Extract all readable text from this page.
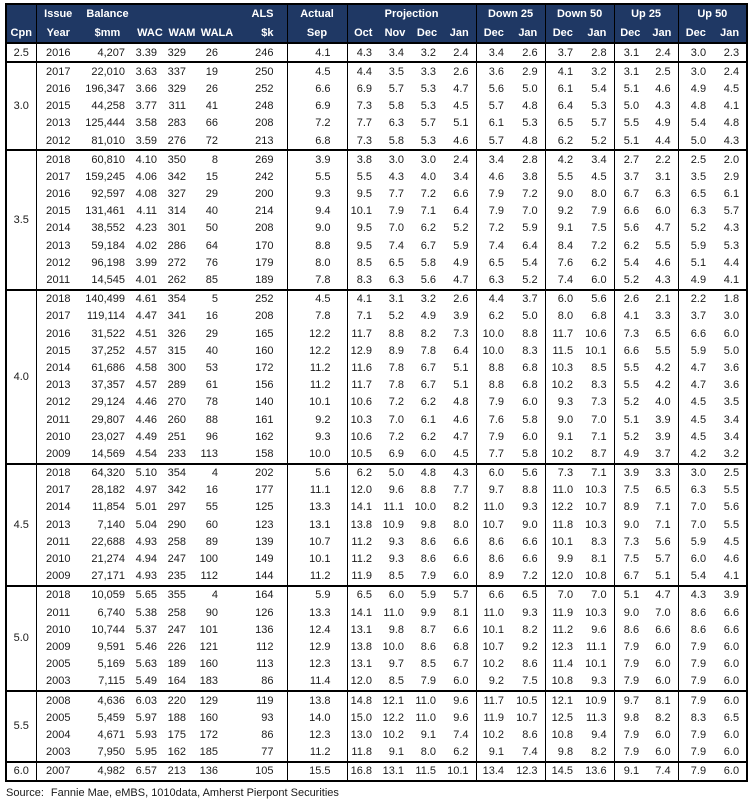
	Issue	Balance				ALS	Actual	Projection				Down 25		Down 50		Up 25		Up 50	
Cpn	Year	$mm	WAC	WAM	WALA	$k	Sep	Oct	Nov	Dec	Jan	Dec	Jan	Dec	Jan	Dec	Jan	Dec	Jan
2.5	2016	4,207	3.39	329	26	246	4.1	4.3	3.4	3.2	2.4	3.4	2.6	3.7	2.8	3.1	2.4	3.0	2.3
3.0	2017	22,010	3.63	337	19	250	4.5	4.4	3.5	3.3	2.6	3.6	2.9	4.1	3.2	3.1	2.5	3.0	2.4
	2016	196,347	3.66	329	26	252	6.6	6.9	5.7	5.3	4.7	5.6	5.0	6.1	5.4	5.1	4.6	4.9	4.5
	2015	44,258	3.77	311	41	248	6.9	7.3	5.8	5.3	4.5	5.7	4.8	6.4	5.3	5.0	4.3	4.8	4.1
	2013	125,444	3.58	283	66	208	7.2	7.7	6.3	5.7	5.1	6.1	5.3	6.5	5.7	5.5	4.9	5.4	4.8
	2012	81,010	3.59	276	72	213	6.8	7.3	5.8	5.3	4.6	5.7	4.8	6.2	5.2	5.1	4.4	5.0	4.3
3.5	2018	60,810	4.10	350	8	269	3.9	3.8	3.0	3.0	2.4	3.4	2.8	4.2	3.4	2.7	2.2	2.5	2.0
	2017	159,245	4.06	342	15	242	5.5	5.5	4.3	4.0	3.4	4.6	3.8	5.5	4.5	3.7	3.1	3.5	2.9
	2016	92,597	4.08	327	29	200	9.3	9.5	7.7	7.2	6.6	7.9	7.2	9.0	8.0	6.7	6.3	6.5	6.1
	2015	131,461	4.11	314	40	214	9.4	10.1	7.9	7.1	6.4	7.9	7.0	9.2	7.9	6.6	6.0	6.3	5.7
	2014	38,552	4.23	301	50	208	9.0	9.5	7.0	6.2	5.2	7.2	5.9	9.1	7.5	5.6	4.7	5.2	4.3
	2013	59,184	4.02	286	64	170	8.8	9.5	7.4	6.7	5.9	7.4	6.4	8.4	7.2	6.2	5.5	5.9	5.3
	2012	96,198	3.99	272	76	179	8.0	8.5	6.5	5.8	4.9	6.5	5.4	7.6	6.2	5.4	4.6	5.1	4.4
	2011	14,545	4.01	262	85	189	7.8	8.3	6.3	5.6	4.7	6.3	5.2	7.4	6.0	5.2	4.3	4.9	4.1
4.0	2018	140,499	4.61	354	5	252	4.5	4.1	3.1	3.2	2.6	4.4	3.7	6.0	5.6	2.6	2.1	2.2	1.8
	2017	119,114	4.47	341	16	208	7.8	7.1	5.2	4.9	3.9	6.2	5.0	8.0	6.8	4.1	3.3	3.7	3.0
	2016	31,522	4.51	326	29	165	12.2	11.7	8.8	8.2	7.3	10.0	8.8	11.7	10.6	7.3	6.5	6.6	6.0
	2015	37,252	4.57	315	40	160	12.2	12.9	8.9	7.8	6.4	10.0	8.3	11.5	10.1	6.6	5.5	5.9	5.0
	2014	61,686	4.58	300	53	172	11.2	11.6	7.8	6.7	5.1	8.8	6.8	10.3	8.5	5.5	4.2	4.7	3.6
	2013	37,357	4.57	289	61	156	11.2	11.7	7.8	6.7	5.1	8.8	6.8	10.2	8.3	5.5	4.2	4.7	3.6
	2012	29,124	4.46	270	78	140	10.1	10.6	7.2	6.2	4.8	7.9	6.0	9.3	7.3	5.2	4.0	4.5	3.5
	2011	29,807	4.46	260	88	161	9.2	10.3	7.0	6.1	4.6	7.6	5.8	9.0	7.0	5.1	3.9	4.5	3.4
	2010	23,027	4.49	251	96	162	9.3	10.6	7.2	6.2	4.7	7.9	6.0	9.1	7.1	5.2	3.9	4.5	3.4
	2009	14,569	4.54	233	113	158	10.0	10.5	6.9	6.0	4.5	7.7	5.8	10.2	8.7	4.9	3.7	4.2	3.2
4.5	2018	64,320	5.10	354	4	202	5.6	6.2	5.0	4.8	4.3	6.0	5.6	7.3	7.1	3.9	3.3	3.0	2.5
	2017	28,182	4.97	342	16	177	11.1	12.0	9.6	8.8	7.7	9.7	8.8	11.0	10.3	7.5	6.5	6.3	5.5
	2014	11,854	5.01	297	55	125	13.3	14.1	11.1	10.0	8.2	11.0	9.3	12.2	10.7	8.9	7.1	7.0	5.6
	2013	7,140	5.04	290	60	123	13.1	13.8	10.9	9.8	8.0	10.7	9.0	11.8	10.3	9.0	7.1	7.0	5.5
	2011	22,688	4.93	258	89	139	10.7	11.2	9.3	8.6	6.6	8.6	6.6	10.1	8.3	7.3	5.6	5.9	4.5
	2010	21,274	4.94	247	100	149	10.1	11.2	9.3	8.6	6.6	8.6	6.6	9.9	8.1	7.5	5.7	6.0	4.6
	2009	27,171	4.93	235	112	144	11.2	11.9	8.5	7.9	6.0	8.9	7.2	12.0	10.8	6.7	5.1	5.4	4.1
5.0	2018	10,059	5.65	355	4	164	5.9	6.5	6.0	5.9	5.7	6.6	6.5	7.0	7.0	5.1	4.7	4.3	3.9
	2011	6,740	5.38	258	90	126	13.3	14.1	11.0	9.9	8.1	11.0	9.3	11.9	10.3	9.0	7.0	8.6	6.6
	2010	10,744	5.37	247	101	136	12.4	13.1	9.8	8.7	6.6	10.1	8.2	11.2	9.6	8.6	6.6	8.6	6.6
	2009	9,591	5.46	226	121	112	12.9	13.8	10.0	8.6	6.8	10.7	9.2	12.3	11.1	7.9	6.0	7.9	6.0
	2005	5,169	5.63	189	160	113	12.3	13.1	9.7	8.5	6.7	10.2	8.6	11.4	10.1	7.9	6.0	7.9	6.0
	2003	7,115	5.49	164	183	86	11.4	12.0	8.5	7.9	6.0	9.2	7.5	10.8	9.3	7.9	6.0	7.9	6.0
5.5	2008	4,636	6.03	220	129	119	13.8	14.8	12.1	11.0	9.6	11.7	10.5	12.1	10.9	9.7	8.1	7.9	6.0
	2005	5,459	5.97	188	160	93	14.0	15.0	12.2	11.0	9.6	11.9	10.7	12.5	11.3	9.8	8.2	8.3	6.5
	2004	4,671	5.93	175	172	86	12.3	13.0	10.2	9.1	7.4	10.2	8.6	10.8	9.4	7.9	6.0	7.9	6.0
	2003	7,950	5.95	162	185	77	11.2	11.8	9.1	8.0	6.2	9.1	7.4	9.8	8.2	7.9	6.0	7.9	6.0
6.0	2007	4,982	6.57	213	136	105	15.5	16.8	13.1	11.5	10.1	13.4	12.3	14.5	13.6	9.1	7.4	7.9	6.0
Source: Fannie Mae, eMBS, 1010data, Amherst Pierpont Securities
